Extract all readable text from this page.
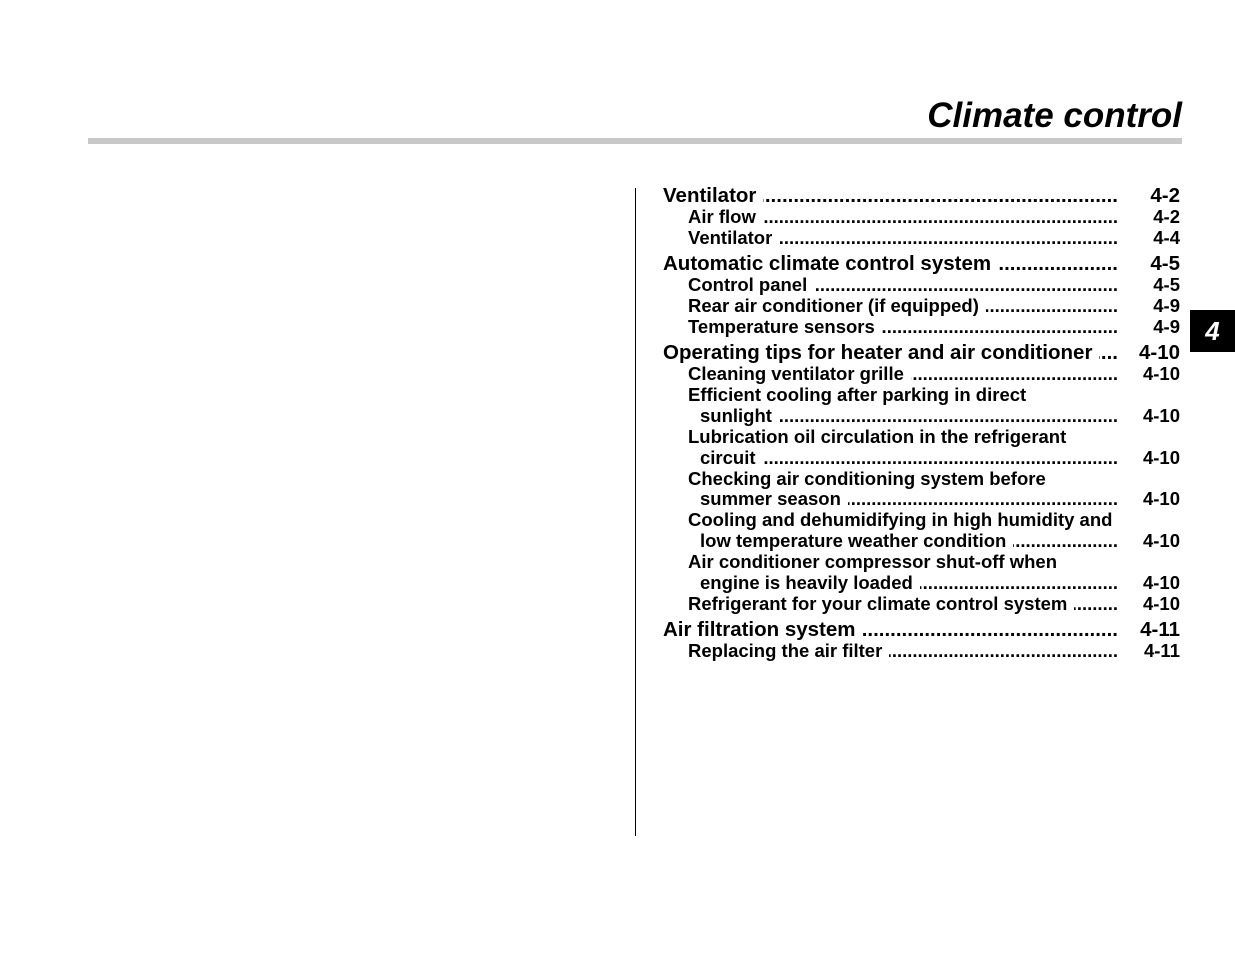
Climate control
4
Ventilator .....	4-2
Air flow .....	4-2
Ventilator .....	4-4
Automatic climate control system .....	4-5
Control panel .....	4-5
Rear air conditioner (if equipped) .....	4-9
Temperature sensors .....	4-9
Operating tips for heater and air conditioner .....	4-10
Cleaning ventilator grille .....	4-10
Efficient cooling after parking in direct
sunlight .....	4-10
Lubrication oil circulation in the refrigerant
circuit .....	4-10
Checking air conditioning system before
summer season .....	4-10
Cooling and dehumidifying in high humidity and
low temperature weather condition .....	4-10
Air conditioner compressor shut-off when
engine is heavily loaded .....	4-10
Refrigerant for your climate control system .....	4-10
Air filtration system .....	4-11
Replacing the air filter .....	4-11
